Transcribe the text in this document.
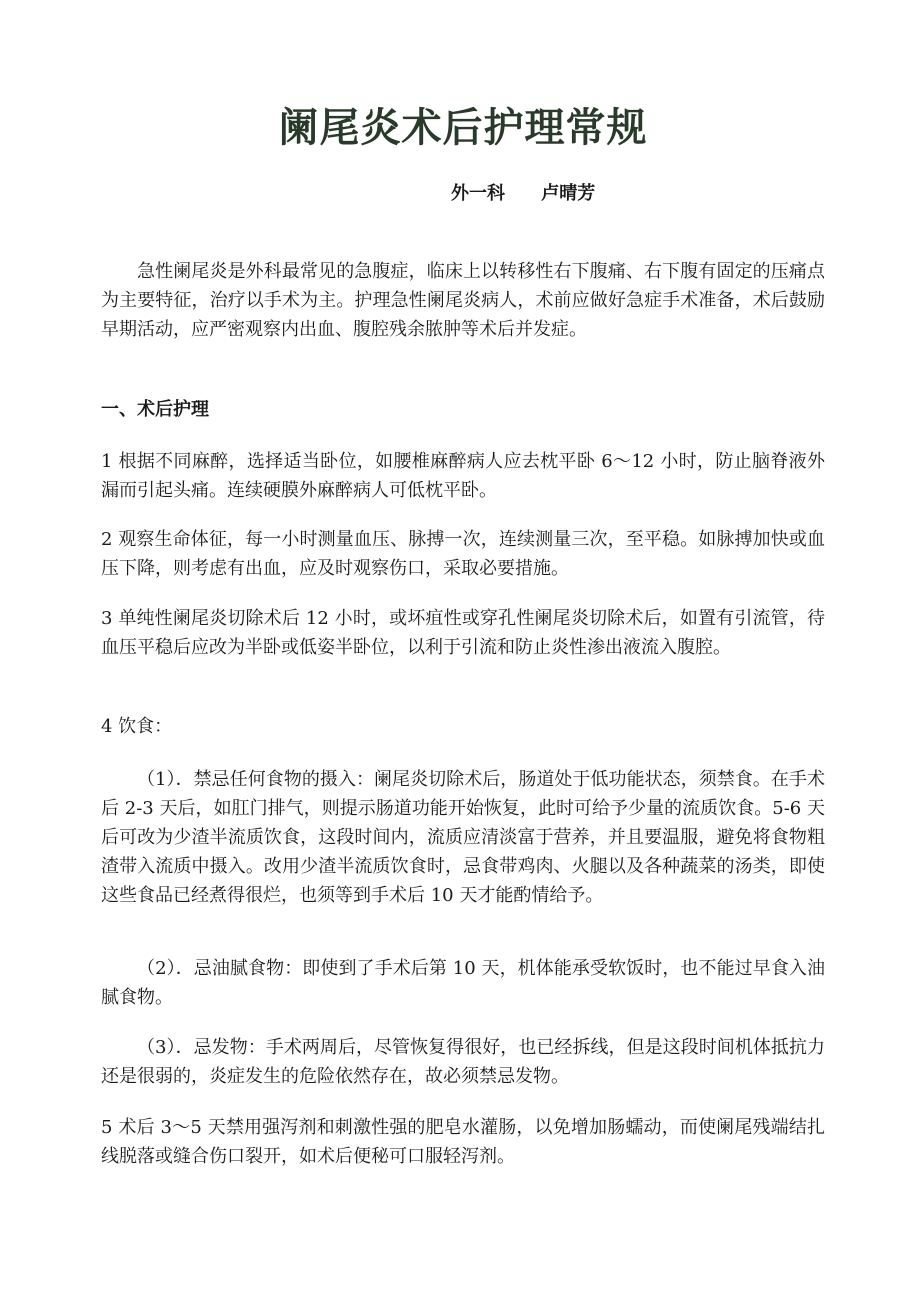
阑尾炎术后护理常规
外一科 卢晴芳

急性阑尾炎是外科最常见的急腹症，临床上以转移性右下腹痛、右下腹有固定的压痛点为主要特征，治疗以手术为主。护理急性阑尾炎病人，术前应做好急症手术准备，术后鼓励早期活动，应严密观察内出血、腹腔残余脓肿等术后并发症。

一、术后护理

1 根据不同麻醉，选择适当卧位，如腰椎麻醉病人应去枕平卧 6～12 小时，防止脑脊液外漏而引起头痛。连续硬膜外麻醉病人可低枕平卧。

2 观察生命体征，每一小时测量血压、脉搏一次，连续测量三次，至平稳。如脉搏加快或血压下降，则考虑有出血，应及时观察伤口，采取必要措施。

3 单纯性阑尾炎切除术后 12 小时，或坏疽性或穿孔性阑尾炎切除术后，如置有引流管，待血压平稳后应改为半卧或低姿半卧位，以利于引流和防止炎性渗出液流入腹腔。

4 饮食：

（1）．禁忌任何食物的摄入：阑尾炎切除术后，肠道处于低功能状态，须禁食。在手术后 2-3 天后，如肛门排气，则提示肠道功能开始恢复，此时可给予少量的流质饮食。5-6 天后可改为少渣半流质饮食，这段时间内，流质应清淡富于营养，并且要温服，避免将食物粗渣带入流质中摄入。改用少渣半流质饮食时，忌食带鸡肉、火腿以及各种蔬菜的汤类，即使这些食品已经煮得很烂，也须等到手术后 10 天才能酌情给予。

（2）．忌油腻食物：即使到了手术后第 10 天，机体能承受软饭时，也不能过早食入油腻食物。

（3）．忌发物：手术两周后，尽管恢复得很好，也已经拆线，但是这段时间机体抵抗力还是很弱的，炎症发生的危险依然存在，故必须禁忌发物。

5 术后 3～5 天禁用强泻剂和刺激性强的肥皂水灌肠，以免增加肠蠕动，而使阑尾残端结扎线脱落或缝合伤口裂开，如术后便秘可口服轻泻剂。
